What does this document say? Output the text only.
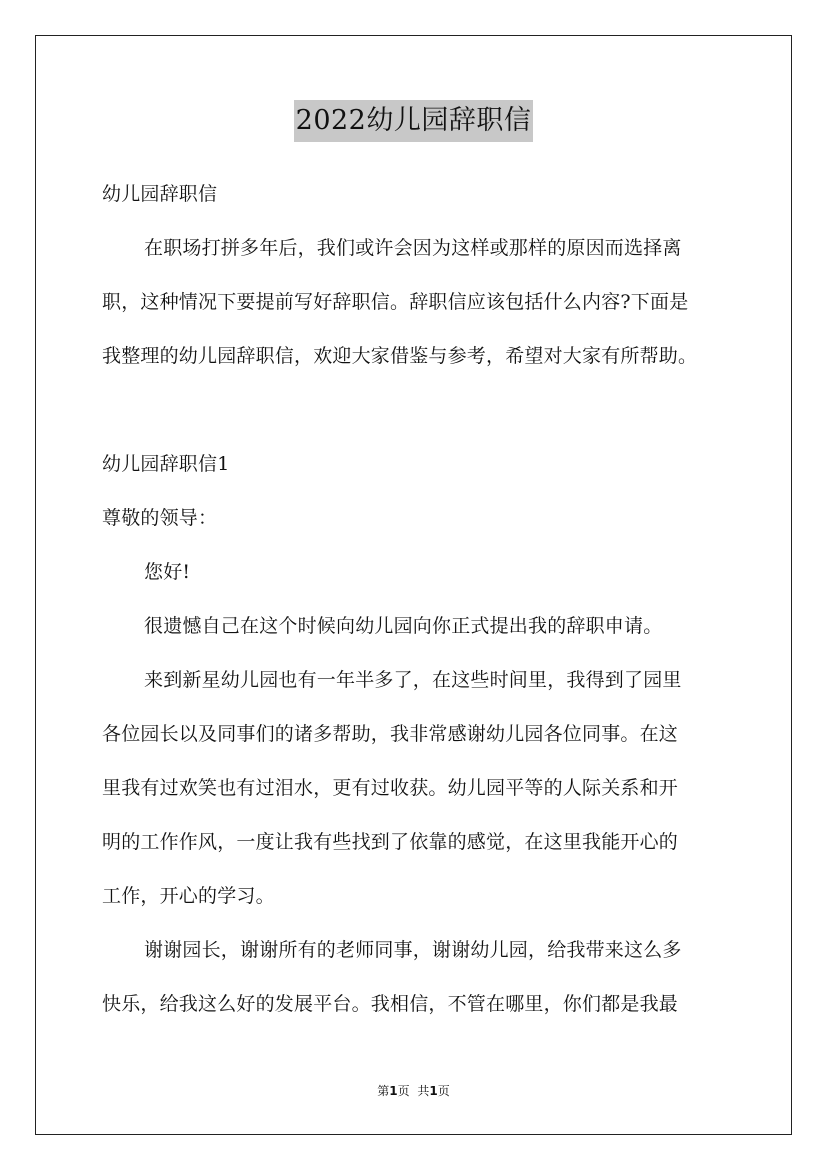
2022幼儿园辞职信
幼儿园辞职信
在职场打拼多年后，我们或许会因为这样或那样的原因而选择离
职，这种情况下要提前写好辞职信。辞职信应该包括什么内容?下面是
我整理的幼儿园辞职信，欢迎大家借鉴与参考，希望对大家有所帮助。
幼儿园辞职信1
尊敬的领导：
您好!
很遗憾自己在这个时候向幼儿园向你正式提出我的辞职申请。
来到新星幼儿园也有一年半多了，在这些时间里，我得到了园里
各位园长以及同事们的诸多帮助，我非常感谢幼儿园各位同事。在这
里我有过欢笑也有过泪水，更有过收获。幼儿园平等的人际关系和开
明的工作作风，一度让我有些找到了依靠的感觉，在这里我能开心的
工作，开心的学习。
谢谢园长，谢谢所有的老师同事，谢谢幼儿园，给我带来这么多
快乐，给我这么好的发展平台。我相信，不管在哪里，你们都是我最
第1页 共1页
